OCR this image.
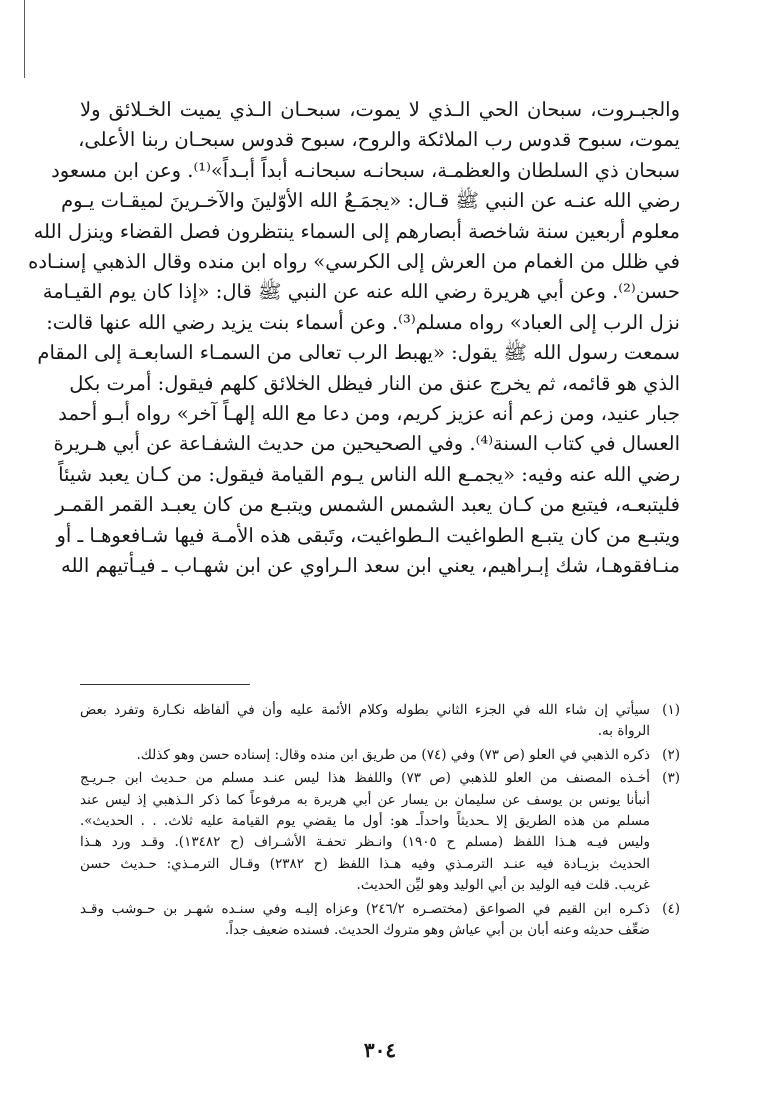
والجبـروت، سبحان الحي الـذي لا يموت، سبحـان الـذي يميت الخـلائق ولا
يموت، سبوح قدوس رب الملائكة والروح، سبوح قدوس سبحـان ربنا الأعلى،
سبحان ذي السلطان والعظمـة، سبحانـه سبحانـه أبداً أبـداً»⁽¹⁾. وعن ابن مسعود
رضي الله عنـه عن النبي ﷺ قـال: «يجمَـعُ الله الأوّلينَ والآخـرينَ لميقـات يـوم
معلوم أربعين سنة شاخصة أبصارهم إلى السماء ينتظرون فصل القضاء وينزل الله
في ظلل من الغمام من العرش إلى الكرسي» رواه ابن منده وقال الذهبي إسنـاده
حسن⁽²⁾. وعن أبي هريرة رضي الله عنه عن النبي ﷺ قال: «إذا كان يوم القيـامة
نزل الرب إلى العباد» رواه مسلم⁽³⁾. وعن أسماء بنت يزيد رضي الله عنها قالت:
سمعت رسول الله ﷺ يقول: «يهبط الرب تعالى من السمـاء السابعـة إلى المقام
الذي هو قائمه، ثم يخرج عنق من النار فيظل الخلائق كلهم فيقول: أمرت بكل
جبار عنيد، ومن زعم أنه عزيز كريم، ومن دعا مع الله إلهـاً آخر» رواه أبـو أحمد
العسال في كتاب السنة⁽⁴⁾. وفي الصحيحين من حديث الشفـاعة عن أبي هـريرة
رضي الله عنه وفيه: «يجمـع الله الناس يـوم القيامة فيقول: من كـان يعبد شيئاً
فليتبعـه، فيتبع من كـان يعبد الشمس الشمس ويتبـع من كان يعبـد القمر القمـر
ويتبـع من كان يتبـع الطواغيت الـطواغيت، وتَبقى هذه الأمـة فيها شـافعوهـا ـ أو
منـافقوهـا، شك إبـراهيم، يعني ابن سعد الـراوي عن ابن شهـاب ـ فيـأتيهم الله
(١)
سيأتي إن شاء الله في الجزء الثاني بطوله وكلام الأئمة عليه وأن في ألفاظه نكـارة وتفرد بعض
الرواة به.
(٢)
ذكره الذهبي في العلو (ص ٧٣) وفي (٧٤) من طريق ابن منده وقال: إسناده حسن وهو كذلك.
(٣)
أخـذه المصنف من العلو للذهبي (ص ٧٣) واللفظ هذا ليس عنـد مسلم من حـديث ابن جـريـج
أنبأنا يونس بن يوسف عن سليمان بن يسار عن أبي هريرة به مرفوعاً كما ذكر الـذهبي إذ ليس عند
مسلم من هذه الطريق إلا ـحديثاً واحداًـ هو: أول ما يقضي يوم القيامة عليه ثلاث. . . الحديث».
وليس فيـه هـذا اللفظ (مسلم ح ١٩٠٥) وانـظر تحفـة الأشـراف (ح ١٣٤٨٢). وقـد ورد هـذا
الحديث بزيـادة فيه عنـد الترمـذي وفيه هـذا اللفظ (ح ٢٣٨٢) وقـال الترمـذي: حـديث حسن
غريب. قلت فيه الوليد بن أبي الوليد وهو ليِّن الحديث.
(٤)
ذكـره ابن القيم في الصواعق (مختصـره ٢٤٦/٢) وعزاه إليـه وفي سنـده شهـر بن حـوشب وقـد
ضعِّف حديثه وعنه أبان بن أبي عياش وهو متروك الحديث. فسنده ضعيف جداً.
٣٠٤
